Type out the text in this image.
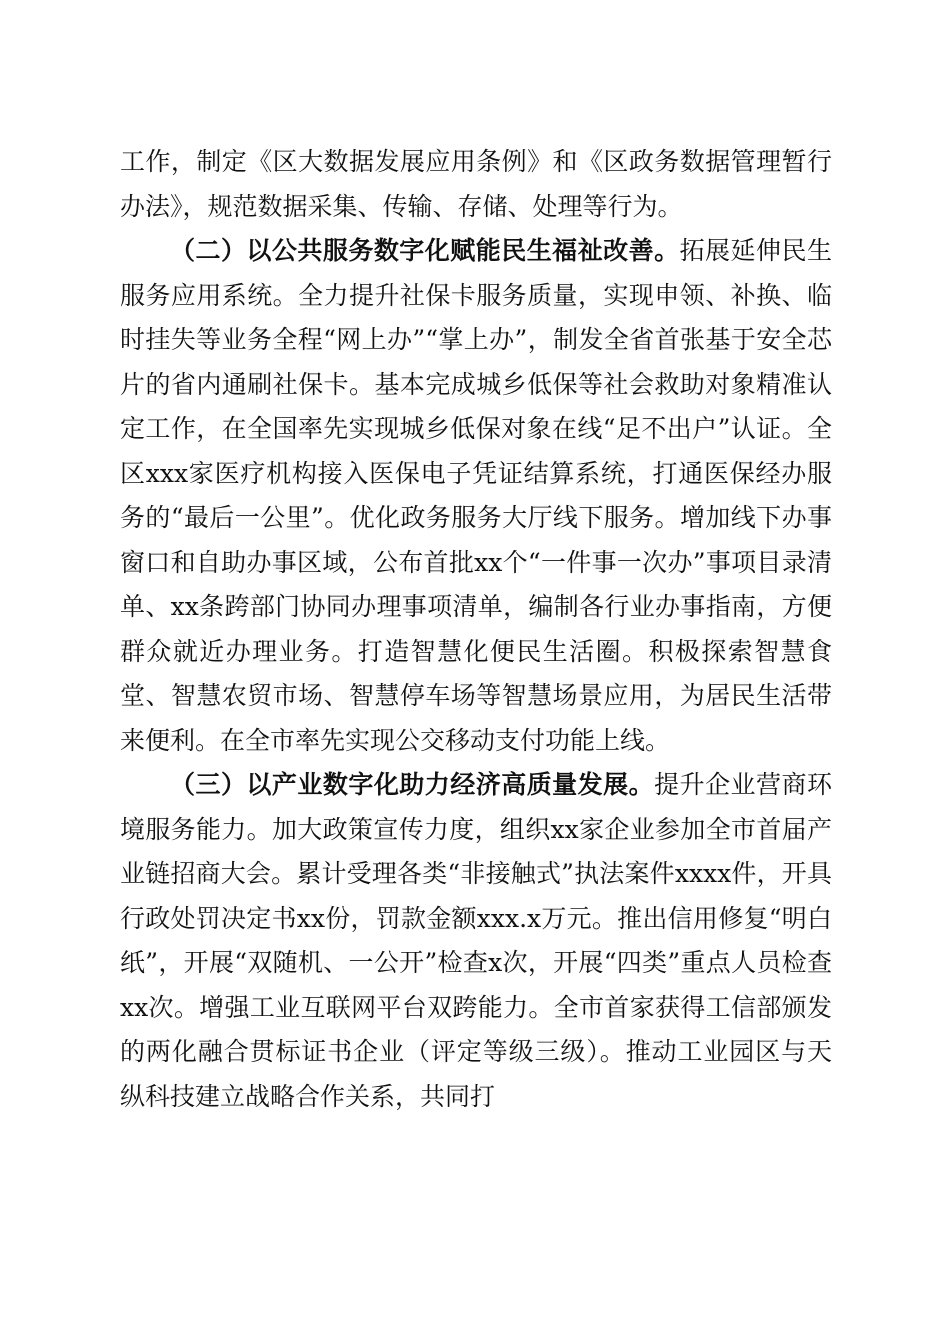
工作，制定《区大数据发展应用条例》和《区政务数据管理暂行办法》，规范数据采集、传输、存储、处理等行为。

（二）以公共服务数字化赋能民生福祉改善。拓展延伸民生服务应用系统。全力提升社保卡服务质量，实现申领、补换、临时挂失等业务全程“网上办”“掌上办”，制发全省首张基于安全芯片的省内通刷社保卡。基本完成城乡低保等社会救助对象精准认定工作，在全国率先实现城乡低保对象在线“足不出户”认证。全区xxx家医疗机构接入医保电子凭证结算系统，打通医保经办服务的“最后一公里”。优化政务服务大厅线下服务。增加线下办事窗口和自助办事区域，公布首批xx个“一件事一次办”事项目录清单、xx条跨部门协同办理事项清单，编制各行业办事指南，方便群众就近办理业务。打造智慧化便民生活圈。积极探索智慧食堂、智慧农贸市场、智慧停车场等智慧场景应用，为居民生活带来便利。在全市率先实现公交移动支付功能上线。

（三）以产业数字化助力经济高质量发展。提升企业营商环境服务能力。加大政策宣传力度，组织xx家企业参加全市首届产业链招商大会。累计受理各类“非接触式”执法案件xxxx件，开具行政处罚决定书xx份，罚款金额xxx.x万元。推出信用修复“明白纸”，开展“双随机、一公开”检查x次，开展“四类”重点人员检查xx次。增强工业互联网平台双跨能力。全市首家获得工信部颁发的两化融合贯标证书企业（评定等级三级）。推动工业园区与天纵科技建立战略合作关系，共同打
